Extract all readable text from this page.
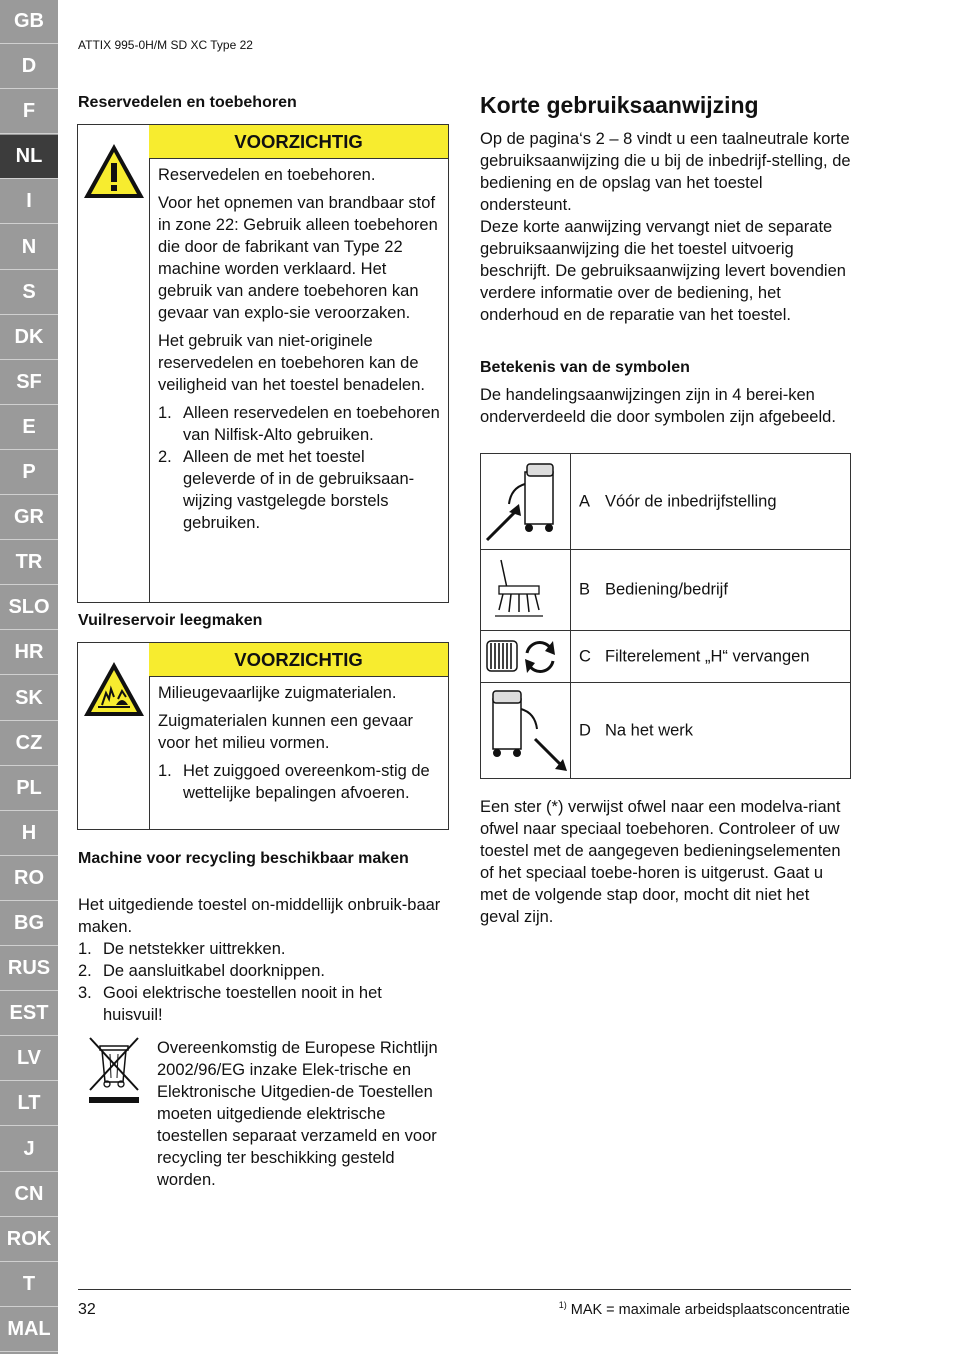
GB
D
F
NL
I
N
S
DK
SF
E
P
GR
TR
SLO
HR
SK
CZ
PL
H
RO
BG
RUS
EST
LV
LT
J
CN
ROK
T
MAL
ATTIX 995-0H/M SD XC Type 22
Reservedelen en toebehoren
VOORZICHTIG

Reservedelen en toebehoren.

Voor het opnemen van brandbaar stof in zone 22: Gebruik alleen toebehoren die door de fabrikant van Type 22 machine worden verklaard. Het gebruik van andere toebehoren kan gevaar van explo-sie veroorzaken.

Het gebruik van niet-originele reservedelen en toebehoren kan de veiligheid van het toestel benadelen.

1. Alleen reservedelen en toebehoren van Nilfisk-Alto gebruiken.
2. Alleen de met het toestel geleverde of in de gebruiksaan-wijzing vastgelegde borstels gebruiken.
Vuilreservoir leegmaken
VOORZICHTIG

Milieugevaarlijke zuigmaterialen.

Zuigmaterialen kunnen een gevaar voor het milieu vormen.

1. Het zuiggoed overeenkom-stig de wettelijke bepalingen afvoeren.
Machine voor recycling beschikbaar maken
Het uitgediende toestel on-middellijk onbruik-baar maken.
1. De netstekker uittrekken.
2. De aansluitkabel doorknippen.
3. Gooi elektrische toestellen nooit in het huisvuil!
Overeenkomstig de Europese Richtlijn 2002/96/EG inzake Elek-trische en Elektronische Uitgedien-de Toestellen moeten uitgediende elektrische toestellen separaat verzameld en voor recycling ter beschikking gesteld worden.
Korte gebruiksaanwijzing
Op de pagina‘s 2 – 8 vindt u een taalneutrale korte gebruiksaanwijzing die u bij de inbedrijf-stelling, de bediening en de opslag van het toestel ondersteunt.
Deze korte aanwijzing vervangt niet de separate gebruiksaanwijzing die het toestel uitvoerig beschrijft. De gebruiksaanwijzing levert bovendien verdere informatie over de bediening, het onderhoud en de reparatie van het toestel.
Betekenis van de symbolen
De handelingsaanwijzingen zijn in 4 berei-ken onderverdeeld die door symbolen zijn afgebeeld.
A Vóór de inbedrijfstelling
B Bediening/bedrijf
C Filterelement „H“ vervangen
D Na het werk
Een ster (*) verwijst ofwel naar een modelva-riant ofwel naar speciaal toebehoren. Controleer of uw toestel met de aangegeven bedieningselementen of het speciaal toebe-horen is uitgerust. Gaat u met de volgende stap door, mocht dit niet het geval zijn.
32	$^{1)}$ MAK = maximale arbeidsplaatsconcentratie
